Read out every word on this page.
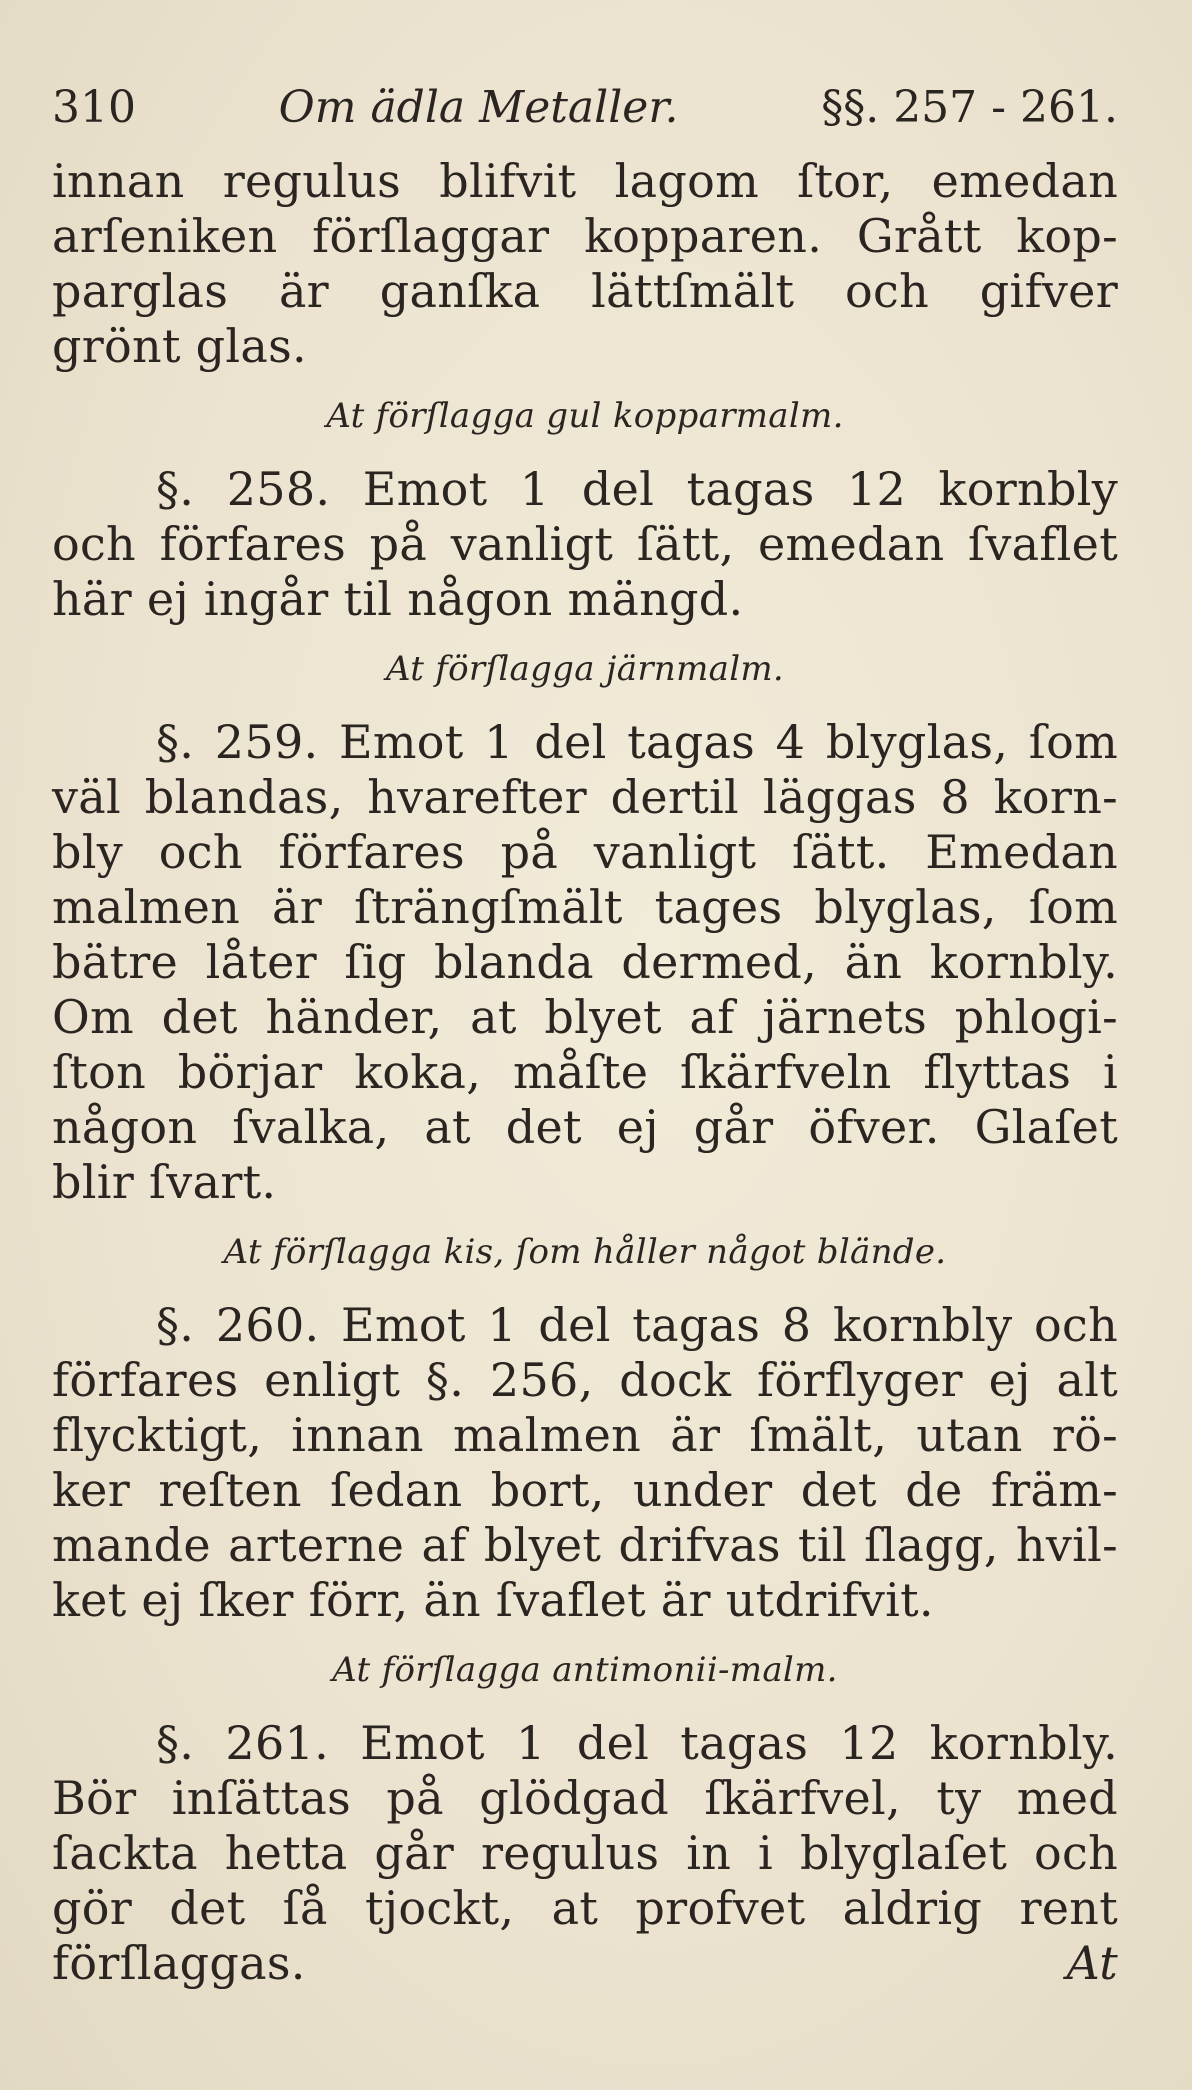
310	Om ädla Metaller.	§§. 257 - 261.
innan regulus blifvit lagom ſtor, emedan
arſeniken förſlaggar kopparen. Grått kop-
parglas är ganſka lättſmält och gifver
grönt glas.
At förſlagga gul kopparmalm.
§. 258. Emot 1 del tagas 12 kornbly
och förfares på vanligt ſätt, emedan ſvaflet
här ej ingår til någon mängd.
At förſlagga järnmalm.
§. 259. Emot 1 del tagas 4 blyglas, ſom
väl blandas, hvarefter dertil läggas 8 korn-
bly och förfares på vanligt ſätt. Emedan
malmen är ſträngſmält tages blyglas, ſom
bätre låter ſig blanda dermed, än kornbly.
Om det händer, at blyet af järnets phlogi-
ſton börjar koka, måſte ſkärfveln flyttas i
någon ſvalka, at det ej går öfver. Glaſet
blir ſvart.
At förſlagga kis, ſom håller något blände.
§. 260. Emot 1 del tagas 8 kornbly och
förfares enligt §. 256, dock förflyger ej alt
flycktigt, innan malmen är ſmält, utan rö-
ker reſten ſedan bort, under det de främ-
mande arterne af blyet drifvas til ſlagg, hvil-
ket ej ſker förr, än ſvaflet är utdrifvit.
At förſlagga antimonii-malm.
§. 261. Emot 1 del tagas 12 kornbly.
Bör inſättas på glödgad ſkärfvel, ty med
ſackta hetta går regulus in i blyglaſet och
gör det ſå tjockt, at profvet aldrig rent
förſlaggas.	At
